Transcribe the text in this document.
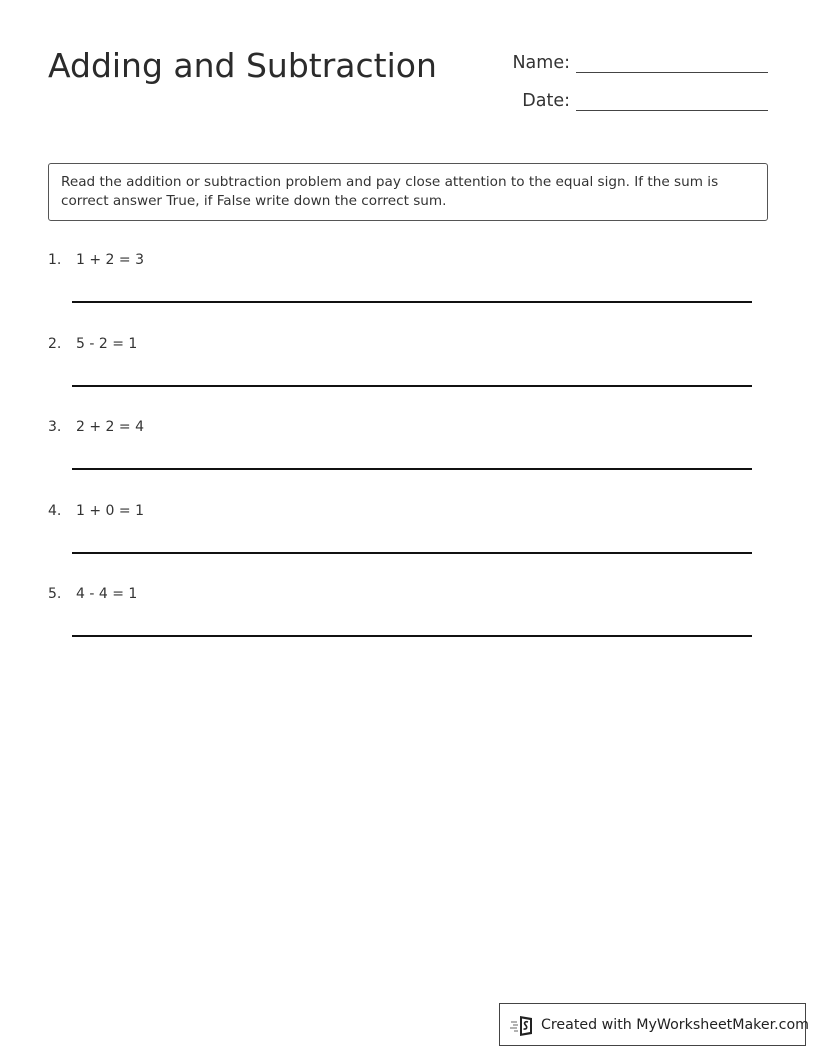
Adding and Subtraction	Name:
Date:
Read the addition or subtraction problem and pay close attention to the equal sign. If the sum is correct answer True, if False write down the correct sum.
1. 1 + 2 = 3
2. 5 - 2 = 1
3. 2 + 2 = 4
4. 1 + 0 = 1
5. 4 - 4 = 1
Created with MyWorksheetMaker.com
